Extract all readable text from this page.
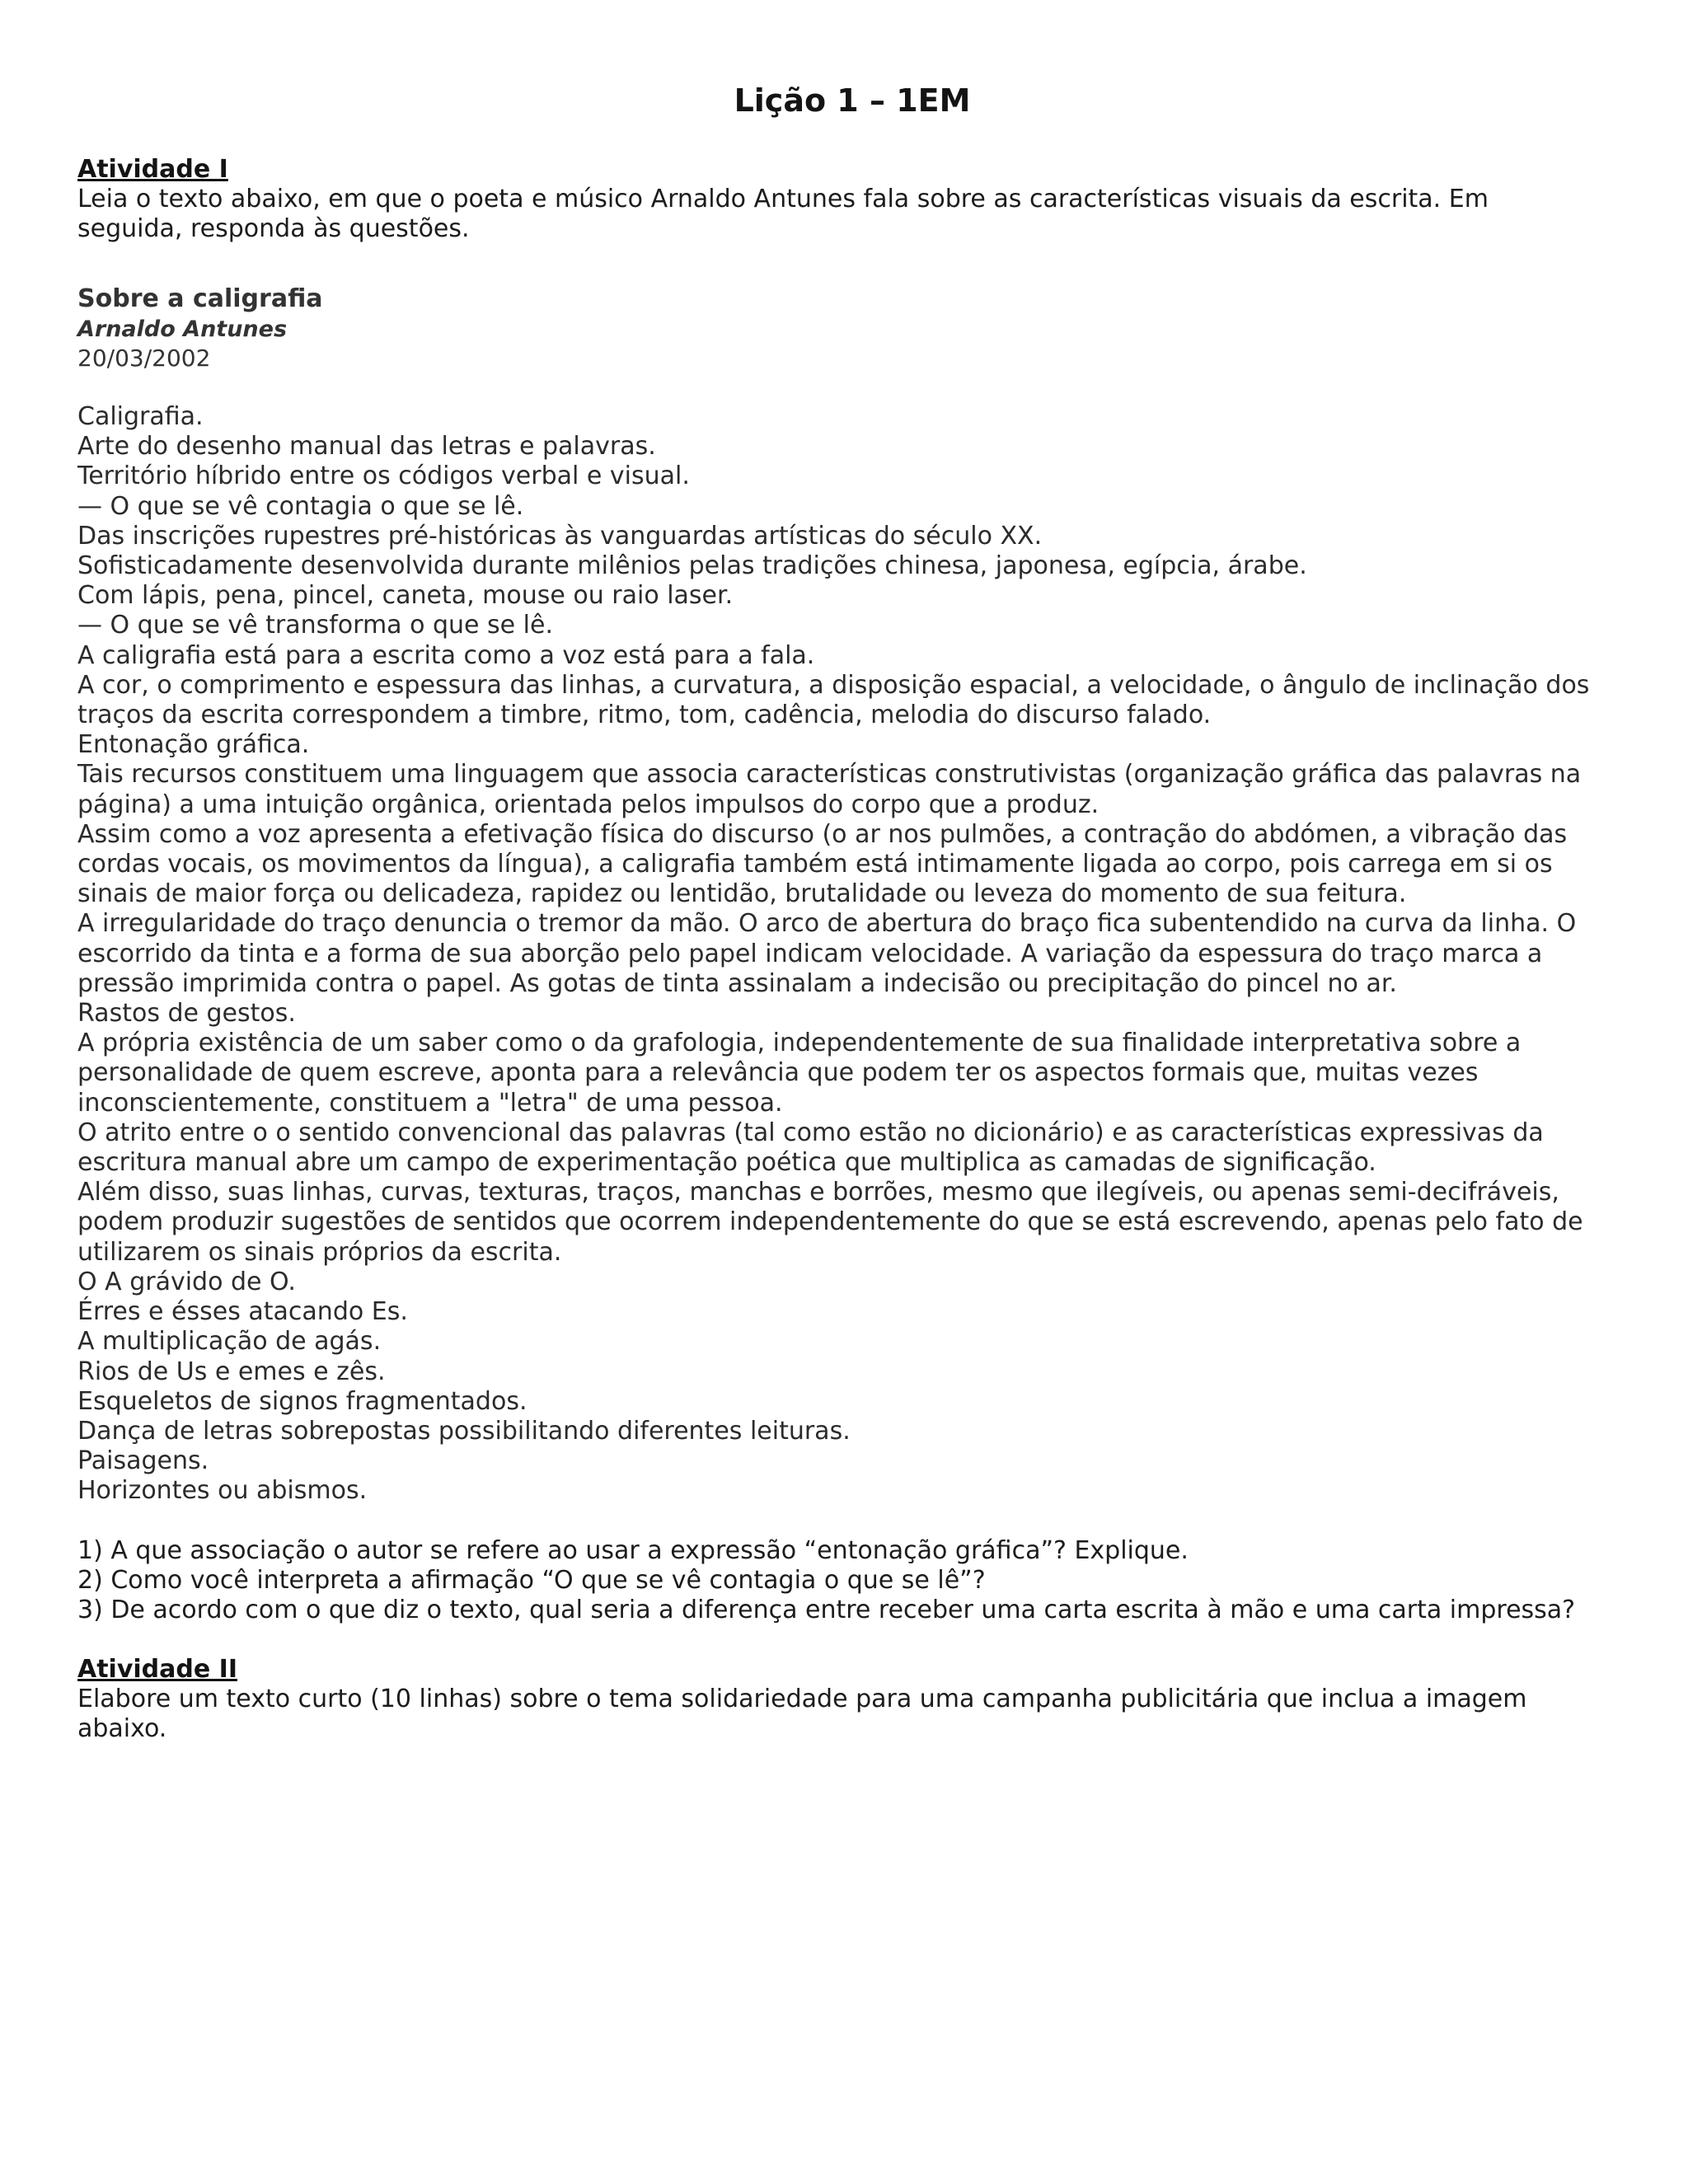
Lição 1 – 1EM

Atividade I

Leia o texto abaixo, em que o poeta e músico Arnaldo Antunes fala sobre as características visuais da escrita. Em

seguida, responda às questões.

Sobre a caligrafia

Arnaldo Antunes

20/03/2002

Caligrafia.

Arte do desenho manual das letras e palavras.

Território híbrido entre os códigos verbal e visual.

— O que se vê contagia o que se lê.

Das inscrições rupestres pré-históricas às vanguardas artísticas do século XX.

Sofisticadamente desenvolvida durante milênios pelas tradições chinesa, japonesa, egípcia, árabe.

Com lápis, pena, pincel, caneta, mouse ou raio laser.

— O que se vê transforma o que se lê.

A caligrafia está para a escrita como a voz está para a fala.

A cor, o comprimento e espessura das linhas, a curvatura, a disposição espacial, a velocidade, o ângulo de inclinação dos

traços da escrita correspondem a timbre, ritmo, tom, cadência, melodia do discurso falado.

Entonação gráfica.

Tais recursos constituem uma linguagem que associa características construtivistas (organização gráfica das palavras na

página) a uma intuição orgânica, orientada pelos impulsos do corpo que a produz.

Assim como a voz apresenta a efetivação física do discurso (o ar nos pulmões, a contração do abdómen, a vibração das

cordas vocais, os movimentos da língua), a caligrafia também está intimamente ligada ao corpo, pois carrega em si os

sinais de maior força ou delicadeza, rapidez ou lentidão, brutalidade ou leveza do momento de sua feitura.

A irregularidade do traço denuncia o tremor da mão. O arco de abertura do braço fica subentendido na curva da linha. O

escorrido da tinta e a forma de sua aborção pelo papel indicam velocidade. A variação da espessura do traço marca a

pressão imprimida contra o papel. As gotas de tinta assinalam a indecisão ou precipitação do pincel no ar.

Rastos de gestos.

A própria existência de um saber como o da grafologia, independentemente de sua finalidade interpretativa sobre a

personalidade de quem escreve, aponta para a relevância que podem ter os aspectos formais que, muitas vezes

inconscientemente, constituem a "letra" de uma pessoa.

O atrito entre o o sentido convencional das palavras (tal como estão no dicionário) e as características expressivas da

escritura manual abre um campo de experimentação poética que multiplica as camadas de significação.

Além disso, suas linhas, curvas, texturas, traços, manchas e borrões, mesmo que ilegíveis, ou apenas semi-decifráveis,

podem produzir sugestões de sentidos que ocorrem independentemente do que se está escrevendo, apenas pelo fato de

utilizarem os sinais próprios da escrita.

O A grávido de O.

Érres e ésses atacando Es.

A multiplicação de agás.

Rios de Us e emes e zês.

Esqueletos de signos fragmentados.

Dança de letras sobrepostas possibilitando diferentes leituras.

Paisagens.

Horizontes ou abismos.

1) A que associação o autor se refere ao usar a expressão “entonação gráfica”? Explique.

2) Como você interpreta a afirmação “O que se vê contagia o que se lê”?

3) De acordo com o que diz o texto, qual seria a diferença entre receber uma carta escrita à mão e uma carta impressa?

Atividade II

Elabore um texto curto (10 linhas) sobre o tema solidariedade para uma campanha publicitária que inclua a imagem

abaixo.
